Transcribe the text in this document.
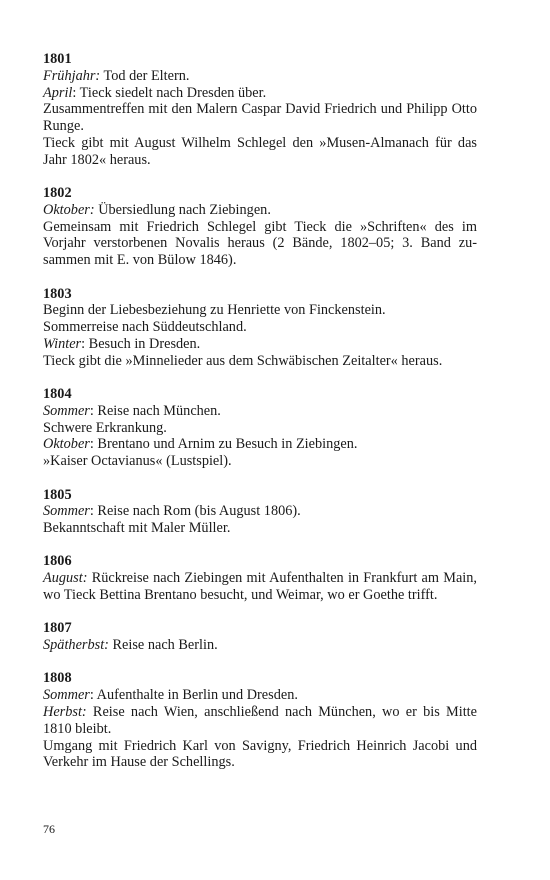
1801

Frühjahr: Tod der Eltern.

April: Tieck siedelt nach Dresden über.

Zusammentreffen mit den Malern Caspar David Friedrich und Philipp Otto Runge.

Tieck gibt mit August Wilhelm Schlegel den »Musen-Almanach für das Jahr 1802« heraus.

1802

Oktober: Übersiedlung nach Ziebingen.

Gemeinsam mit Friedrich Schlegel gibt Tieck die »Schriften« des im Vorjahr verstorbenen Novalis heraus (2 Bände, 1802–05; 3. Band zu-sammen mit E. von Bülow 1846).

1803

Beginn der Liebesbeziehung zu Henriette von Finckenstein.

Sommerreise nach Süddeutschland.

Winter: Besuch in Dresden.

Tieck gibt die »Minnelieder aus dem Schwäbischen Zeitalter« heraus.

1804

Sommer: Reise nach München.

Schwere Erkrankung.

Oktober: Brentano und Arnim zu Besuch in Ziebingen.

»Kaiser Octavianus« (Lustspiel).

1805

Sommer: Reise nach Rom (bis August 1806).

Bekanntschaft mit Maler Müller.

1806

August: Rückreise nach Ziebingen mit Aufenthalten in Frankfurt am Main, wo Tieck Bettina Brentano besucht, und Weimar, wo er Goethe trifft.

1807

Spätherbst: Reise nach Berlin.

1808

Sommer: Aufenthalte in Berlin und Dresden.

Herbst: Reise nach Wien, anschließend nach München, wo er bis Mitte 1810 bleibt.

Umgang mit Friedrich Karl von Savigny, Friedrich Heinrich Jacobi und Verkehr im Hause der Schellings.

76
